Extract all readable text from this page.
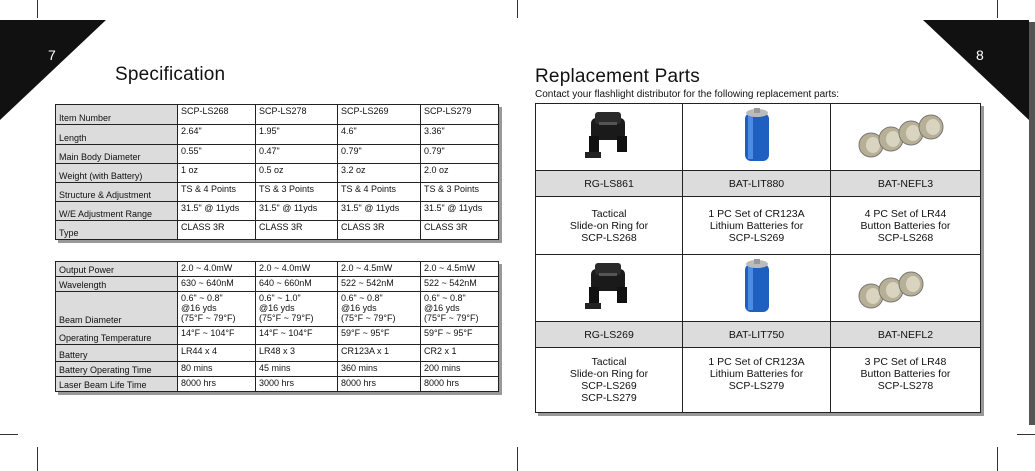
7	8
Specification
Item Number	SCP-LS268	SCP-LS278	SCP-LS269	SCP-LS279
Length	2.64"	1.95"	4.6"	3.36"
Main Body Diameter	0.55"	0.47"	0.79"	0.79"
Weight (with Battery)	1 oz	0.5 oz	3.2 oz	2.0 oz
Structure & Adjustment	TS & 4 Points	TS & 3 Points	TS & 4 Points	TS & 3 Points
W/E Adjustment Range	31.5" @ 11yds	31.5" @ 11yds	31.5" @ 11yds	31.5" @ 11yds
Type	CLASS 3R	CLASS 3R	CLASS 3R	CLASS 3R
Output Power	2.0 ~ 4.0mW	2.0 ~ 4.0mW	2.0 ~ 4.5mW	2.0 ~ 4.5mW
Wavelength	630 ~ 640nM	640 ~ 660nM	522 ~ 542nM	522 ~ 542nM
Beam Diameter	0.6" ~ 0.8"
@16 yds
(75°F ~ 79°F)	0.6" ~ 1.0"
@16 yds
(75°F ~ 79°F)	0.6" ~ 0.8"
@16 yds
(75°F ~ 79°F)	0.6" ~ 0.8"
@16 yds
(75°F ~ 79°F)
Operating Temperature	14°F ~ 104°F	14°F ~ 104°F	59°F ~ 95°F	59°F ~ 95°F
Battery	LR44 x 4	LR48 x 3	CR123A x 1	CR2 x 1
Battery Operating Time	80 mins	45 mins	360 mins	200 mins
Laser Beam Life Time	8000 hrs	3000 hrs	8000 hrs	8000 hrs
Replacement Parts
Contact your flashlight distributor for the following replacement parts:

RG-LS861	BAT-LIT880	BAT-NEFL3
Tactical
Slide-on Ring for
SCP-LS268	1 PC Set of CR123A
Lithium Batteries for
SCP-LS269	4 PC Set of LR44
Button Batteries for
SCP-LS268

RG-LS269	BAT-LIT750	BAT-NEFL2
Tactical
Slide-on Ring for
SCP-LS269
SCP-LS279	1 PC Set of CR123A
Lithium Batteries for
SCP-LS279	3 PC Set of LR48
Button Batteries for
SCP-LS278
